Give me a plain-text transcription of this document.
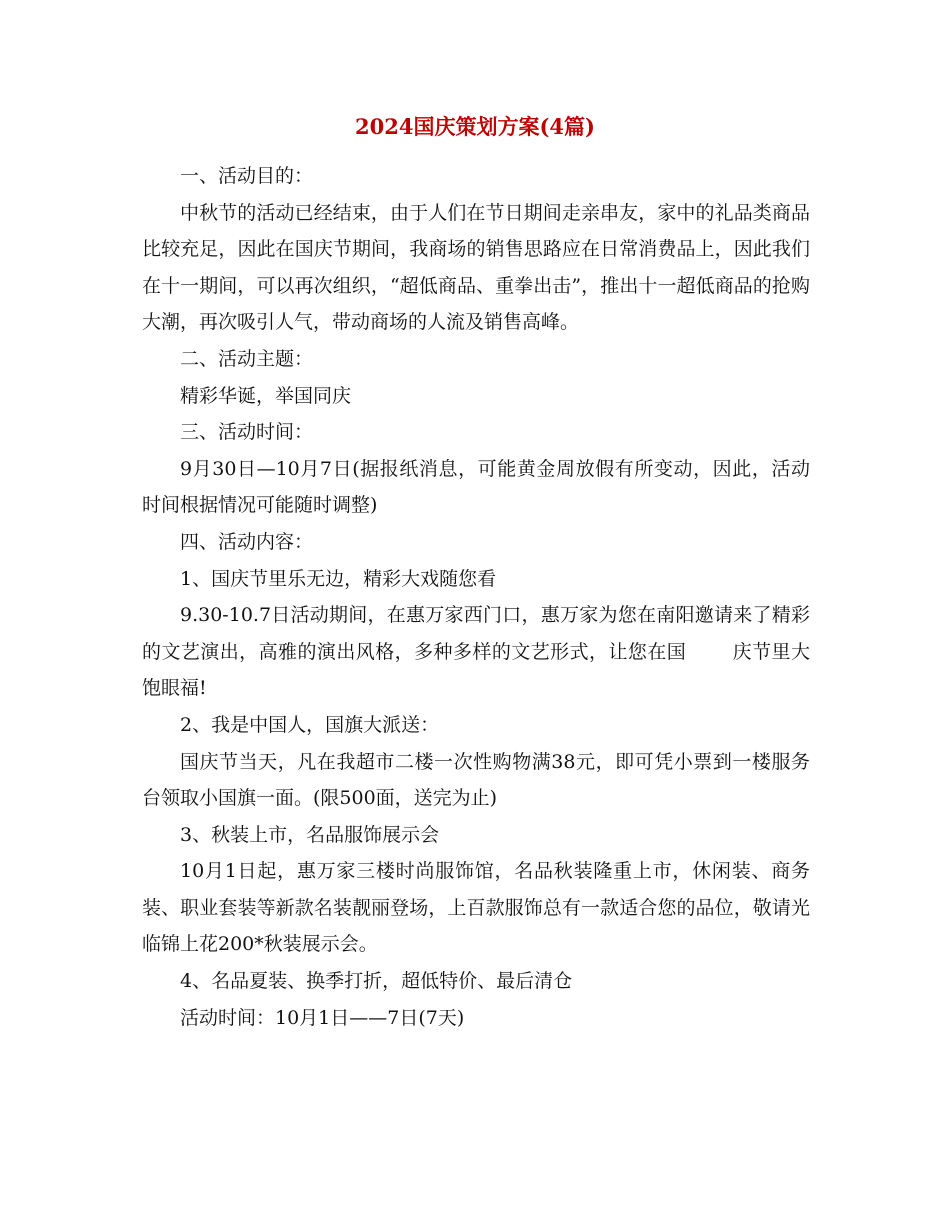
2024国庆策划方案(4篇)

一、活动目的：

中秋节的活动已经结束，由于人们在节日期间走亲串友，家中的礼品类商品比较充足，因此在国庆节期间，我商场的销售思路应在日常消费品上，因此我们在十一期间，可以再次组织，“超低商品、重拳出击”，推出十一超低商品的抢购大潮，再次吸引人气，带动商场的人流及销售高峰。

二、活动主题：

精彩华诞，举国同庆

三、活动时间：

9月30日—10月7日(据报纸消息，可能黄金周放假有所变动，因此，活动时间根据情况可能随时调整)

四、活动内容：

1、国庆节里乐无边，精彩大戏随您看

9.30-10.7日活动期间，在惠万家西门口，惠万家为您在南阳邀请来了精彩的文艺演出，高雅的演出风格，多种多样的文艺形式，让您在国 庆节里大饱眼福!

2、我是中国人，国旗大派送：

国庆节当天，凡在我超市二楼一次性购物满38元，即可凭小票到一楼服务台领取小国旗一面。(限500面，送完为止)

3、秋装上市，名品服饰展示会

10月1日起，惠万家三楼时尚服饰馆，名品秋装隆重上市，休闲装、商务装、职业套装等新款名装靓丽登场，上百款服饰总有一款适合您的品位，敬请光临锦上花200*秋装展示会。

4、名品夏装、换季打折，超低特价、最后清仓

活动时间：10月1日——7日(7天)
